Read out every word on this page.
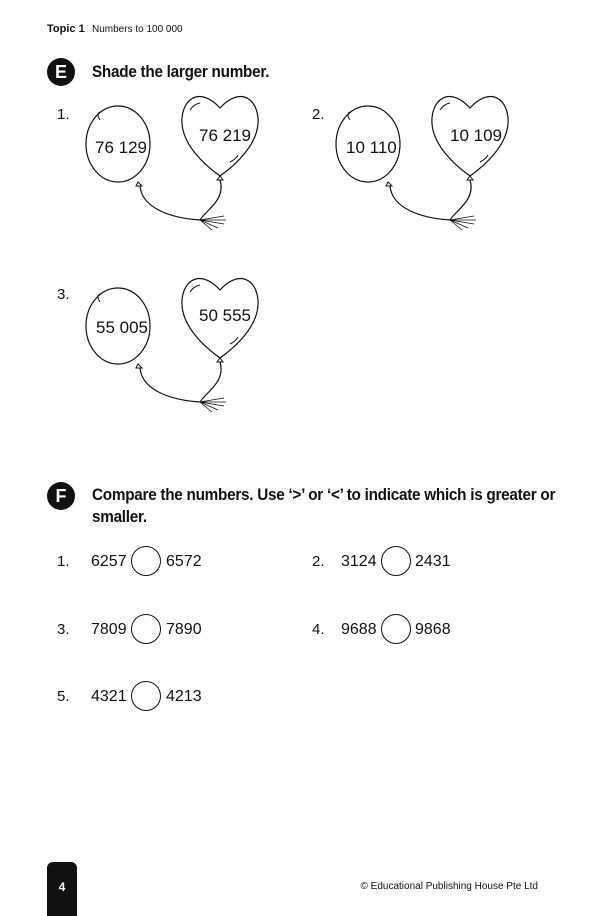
Topic 1 Numbers to 100 000
E	Shade the larger number.
1.
76 129
76 219
2.
10 110
10 109
3.
55 005
50 555
F	Compare the numbers. Use ‘>’ or ‘<’ to indicate which is greater or
smaller.
1. 6257 6572	2. 3124 2431
3. 7809 7890	4. 9688 9868
5. 4321 4213
4	© Educational Publishing House Pte Ltd
